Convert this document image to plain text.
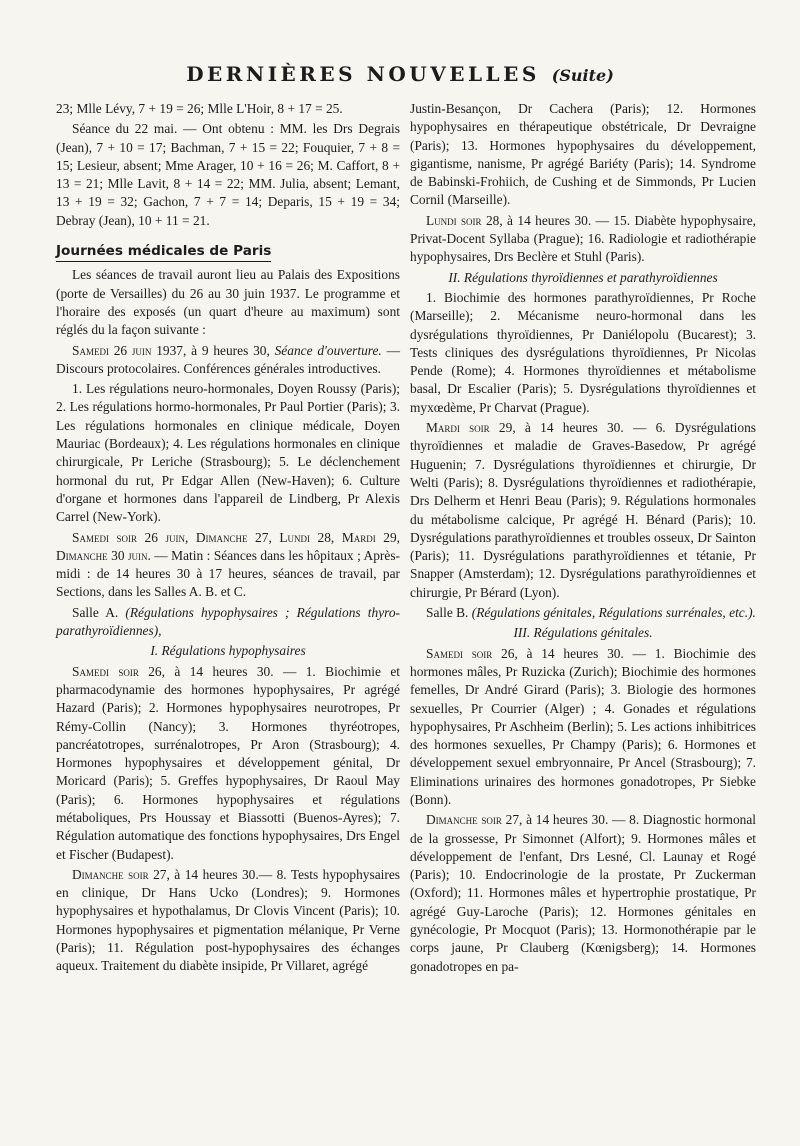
DERNIÈRES NOUVELLES (Suite)

23; Mlle Lévy, 7 + 19 = 26; Mlle L'Hoir, 8 + 17 = 25.

Séance du 22 mai. — Ont obtenu : MM. les Drs Degrais (Jean), 7 + 10 = 17; Bachman, 7 + 15 = 22; Fouquier, 7 + 8 = 15; Lesieur, absent; Mme Arager, 10 + 16 = 26; M. Caffort, 8 + 13 = 21; Mlle Lavit, 8 + 14 = 22; MM. Julia, absent; Lemant, 13 + 19 = 32; Gachon, 7 + 7 = 14; Deparis, 15 + 19 = 34; Debray (Jean), 10 + 11 = 21.

Journées médicales de Paris

Les séances de travail auront lieu au Palais des Expositions (porte de Versailles) du 26 au 30 juin 1937. Le programme et l'horaire des exposés (un quart d'heure au maximum) sont réglés du la façon suivante :

Samedi 26 juin 1937, à 9 heures 30, Séance d'ouverture. — Discours protocolaires. Conférences générales introductives.

1. Les régulations neuro-hormonales, Doyen Roussy (Paris); 2. Les régulations hormo-hormonales, Pr Paul Portier (Paris); 3. Les régulations hormonales en clinique médicale, Doyen Mauriac (Bordeaux); 4. Les régulations hormonales en clinique chirurgicale, Pr Leriche (Strasbourg); 5. Le déclenchement hormonal du rut, Pr Edgar Allen (New-Haven); 6. Culture d'organe et hormones dans l'appareil de Lindberg, Pr Alexis Carrel (New-York).

Samedi soir 26 juin, Dimanche 27, Lundi 28, Mardi 29, Dimanche 30 juin. — Matin : Séances dans les hôpitaux ; Après-midi : de 14 heures 30 à 17 heures, séances de travail, par Sections, dans les Salles A. B. et C.

Salle A. (Régulations hypophysaires ; Régulations thyro-parathyroïdiennes),

I. Régulations hypophysaires

Samedi soir 26, à 14 heures 30. — 1. Biochimie et pharmacodynamie des hormones hypophysaires, Pr agrégé Hazard (Paris); 2. Hormones hypophysaires neurotropes, Pr Rémy-Collin (Nancy); 3. Hormones thyréotropes, pancréatotropes, surrénalotropes, Pr Aron (Strasbourg); 4. Hormones hypophysaires et développement génital, Dr Moricard (Paris); 5. Greffes hypophysaires, Dr Raoul May (Paris); 6. Hormones hypophysaires et régulations métaboliques, Prs Houssay et Biassotti (Buenos-Ayres); 7. Régulation automatique des fonctions hypophysaires, Drs Engel et Fischer (Budapest).

Dimanche soir 27, à 14 heures 30.— 8. Tests hypophysaires en clinique, Dr Hans Ucko (Londres); 9. Hormones hypophysaires et hypothalamus, Dr Clovis Vincent (Paris); 10. Hormones hypophysaires et pigmentation mélanique, Pr Verne (Paris); 11. Régulation post-hypophysaires des échanges aqueux. Traitement du diabète insipide, Pr Villaret, agrégé

Justin-Besançon, Dr Cachera (Paris); 12. Hormones hypophysaires en thérapeutique obstétricale, Dr Devraigne (Paris); 13. Hormones hypophysaires du développement, gigantisme, nanisme, Pr agrégé Bariéty (Paris); 14. Syndrome de Babinski-Frohiich, de Cushing et de Simmonds, Pr Lucien Cornil (Marseille).

Lundi soir 28, à 14 heures 30. — 15. Diabète hypophysaire, Privat-Docent Syllaba (Prague); 16. Radiologie et radiothérapie hypophysaires, Drs Beclère et Stuhl (Paris).

II. Régulations thyroïdiennes et parathyroïdiennes

1. Biochimie des hormones parathyroïdiennes, Pr Roche (Marseille); 2. Mécanisme neuro-hormonal dans les dysrégulations thyroïdiennes, Pr Daniélopolu (Bucarest); 3. Tests cliniques des dysrégulations thyroïdiennes, Pr Nicolas Pende (Rome); 4. Hormones thyroïdiennes et métabolisme basal, Dr Escalier (Paris); 5. Dysrégulations thyroïdiennes et myxœdème, Pr Charvat (Prague).

Mardi soir 29, à 14 heures 30. — 6. Dysrégulations thyroïdiennes et maladie de Graves-Basedow, Pr agrégé Huguenin; 7. Dysrégulations thyroïdiennes et chirurgie, Dr Welti (Paris); 8. Dysrégulations thyroïdiennes et radiothérapie, Drs Delherm et Henri Beau (Paris); 9. Régulations hormonales du métabolisme calcique, Pr agrégé H. Bénard (Paris); 10. Dysrégulations parathyroïdiennes et troubles osseux, Dr Sainton (Paris); 11. Dysrégulations parathyroïdiennes et tétanie, Pr Snapper (Amsterdam); 12. Dysrégulations parathyroïdiennes et chirurgie, Pr Bérard (Lyon).

Salle B. (Régulations génitales, Régulations surrénales, etc.).

III. Régulations génitales.

Samedi soir 26, à 14 heures 30. — 1. Biochimie des hormones mâles, Pr Ruzicka (Zurich); Biochimie des hormones femelles, Dr André Girard (Paris); 3. Biologie des hormones sexuelles, Pr Courrier (Alger) ; 4. Gonades et régulations hypophysaires, Pr Aschheim (Berlin); 5. Les actions inhibitrices des hormones sexuelles, Pr Champy (Paris); 6. Hormones et développement sexuel embryonnaire, Pr Ancel (Strasbourg); 7. Eliminations urinaires des hormones gonadotropes, Pr Siebke (Bonn).

Dimanche soir 27, à 14 heures 30. — 8. Diagnostic hormonal de la grossesse, Pr Simonnet (Alfort); 9. Hormones mâles et développement de l'enfant, Drs Lesné, Cl. Launay et Rogé (Paris); 10. Endocrinologie de la prostate, Pr Zuckerman (Oxford); 11. Hormones mâles et hypertrophie prostatique, Pr agrégé Guy-Laroche (Paris); 12. Hormones génitales en gynécologie, Pr Mocquot (Paris); 13. Hormonothérapie par le corps jaune, Pr Clauberg (Kœnigsberg); 14. Hormones gonadotropes en pa-
